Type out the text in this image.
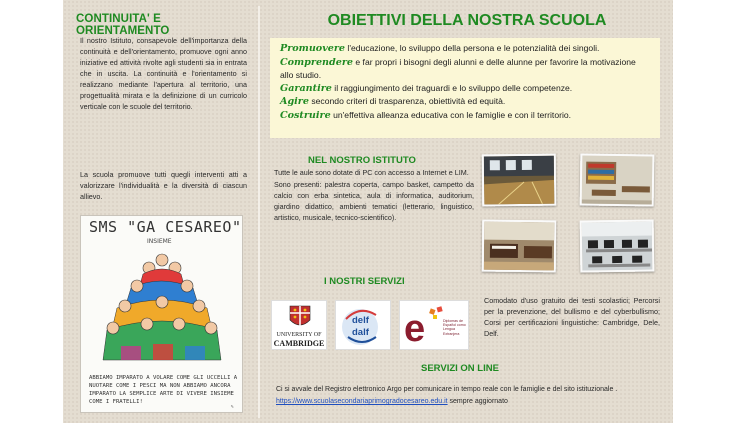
CONTINUITA' E ORIENTAMENTO
Il nostro Istituto, consapevole dell'importanza della continuità e dell'orientamento, promuove ogni anno iniziative ed attività rivolte agli studenti sia in entrata che in uscita. La continuità e l'orientamento si realizzano mediante l'apertura al territorio, una progettualità mirata e la definizione di un curricolo verticale con le scuole del territorio.
La scuola promuove tutti quegli interventi atti a valorizzare l'individualità e la diversità di ciascun allievo.
SMS "GA CESAREO"
INSIEME
ABBIAMO IMPARATO A VOLARE COME GLI UCCELLI A NUOTARE COME I PESCI MA NON ABBIAMO ANCORA IMPARATO LA SEMPLICE ARTE DI VIVERE INSIEME COME I FRATELLI!
✎
OBIETTIVI DELLA NOSTRA SCUOLA
Promuovere l'educazione, lo sviluppo della persona e le potenzialità dei singoli.
Comprendere e far propri i bisogni degli alunni e delle alunne per favorire la motivazione allo studio.
Garantire il raggiungimento dei traguardi e lo sviluppo delle competenze.
Agire secondo criteri di trasparenza, obiettività ed equità.
Costruire un'effettiva alleanza educativa con le famiglie e con il territorio.
NEL NOSTRO ISTITUTO

Tutte le aule sono dotate di PC con accesso a Internet e LIM.

Sono presenti: palestra coperta, campo basket, campetto da calcio con erba sintetica, aula di informatica, auditorium, giardino didattico, ambienti tematici (letterario, linguistico, artistico, musicale, tecnico-scientifico).

I NOSTRI SERVIZI
UNIVERSITY OF
CAMBRIDGE
delf
dalf e	Diplomas de Español como Lengua Extranjera
Comodato d'uso gratuito dei testi scolastici; Percorsi per la prevenzione, del bullismo e del cyberbullismo; Corsi per certificazioni linguistiche: Cambridge, Dele, Delf.
SERVIZI ON LINE
Ci si avvale del Registro elettronico Argo per comunicare in tempo reale con le famiglie e del sito istituzionale .
https://www.scuolasecondariaprimogradocesareo.edu.it sempre aggiornato
